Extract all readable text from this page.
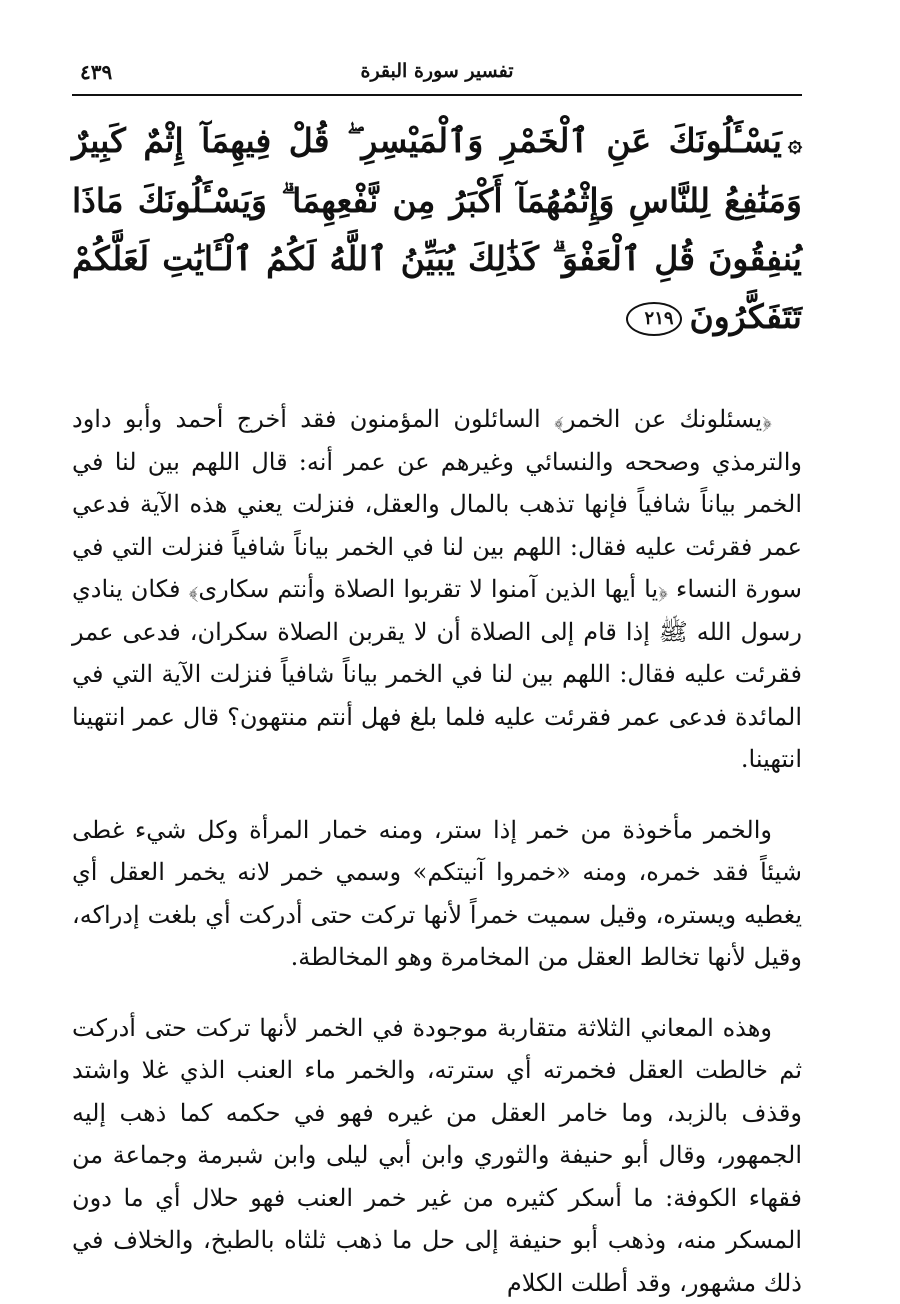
تفسير سورة البقرة
٤٣٩
۞يَسْـَٔلُونَكَ عَنِ ٱلْخَمْرِ وَٱلْمَيْسِرِ ۖ قُلْ فِيهِمَآ إِثْمٌ كَبِيرٌ وَمَنَٰفِعُ لِلنَّاسِ وَإِثْمُهُمَآ أَكْبَرُ مِن نَّفْعِهِمَا ۗ وَيَسْـَٔلُونَكَ مَاذَا يُنفِقُونَ قُلِ ٱلْعَفْوَ ۗ كَذَٰلِكَ يُبَيِّنُ ٱللَّهُ لَكُمُ ٱلْـَٔايَٰتِ لَعَلَّكُمْ تَتَفَكَّرُونَ٢١٩

﴿يسئلونك عن الخمر﴾ السائلون المؤمنون فقد أخرج أحمد وأبو داود والترمذي وصححه والنسائي وغيرهم عن عمر أنه: قال اللهم بين لنا في الخمر بياناً شافياً فإنها تذهب بالمال والعقل، فنزلت يعني هذه الآية فدعي عمر فقرئت عليه فقال: اللهم بين لنا في الخمر بياناً شافياً فنزلت التي في سورة النساء ﴿يا أيها الذين آمنوا لا تقربوا الصلاة وأنتم سكارى﴾ فكان ينادي رسول الله ﷺ إذا قام إلى الصلاة أن لا يقربن الصلاة سكران، فدعى عمر فقرئت عليه فقال: اللهم بين لنا في الخمر بياناً شافياً فنزلت الآية التي في المائدة فدعى عمر فقرئت عليه فلما بلغ فهل أنتم منتهون؟ قال عمر انتهينا انتهينا.

والخمر مأخوذة من خمر إذا ستر، ومنه خمار المرأة وكل شيء غطى شيئاً فقد خمره، ومنه «خمروا آنيتكم» وسمي خمر لانه يخمر العقل أي يغطيه ويستره، وقيل سميت خمراً لأنها تركت حتى أدركت أي بلغت إدراكه، وقيل لأنها تخالط العقل من المخامرة وهو المخالطة.

وهذه المعاني الثلاثة متقاربة موجودة في الخمر لأنها تركت حتى أدركت ثم خالطت العقل فخمرته أي سترته، والخمر ماء العنب الذي غلا واشتد وقذف بالزبد، وما خامر العقل من غيره فهو في حكمه كما ذهب إليه الجمهور، وقال أبو حنيفة والثوري وابن أبي ليلى وابن شبرمة وجماعة من فقهاء الكوفة: ما أسكر كثيره من غير خمر العنب فهو حلال أي ما دون المسكر منه، وذهب أبو حنيفة إلى حل ما ذهب ثلثاه بالطبخ، والخلاف في ذلك مشهور، وقد أطلت الكلام
